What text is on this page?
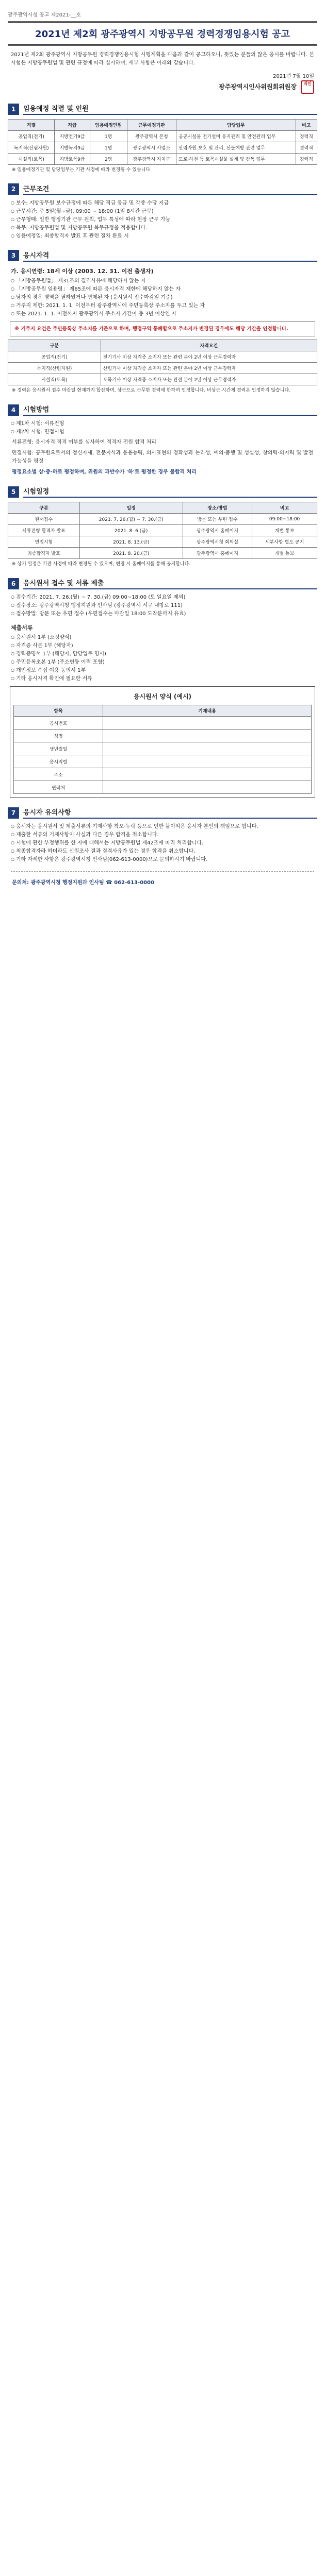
광주광역시청 공고 제2021-__호
2021년 제2회 광주광역시 지방공무원 경력경쟁임용시험 공고
2021년 제2회 광주광역시 지방공무원 경력경쟁임용시험 시행계획을 다음과 같이 공고하오니, 뜻있는 분들의 많은 응시를 바랍니다. 본 시험은 지방공무원법 및 관련 규정에 따라 실시하며, 세부 사항은 아래와 같습니다.
2021년 7월 10일
광주광역시인사위원회위원장 직인
1	임용예정 직렬 및 인원
직렬	직급	임용예정인원	근무예정기관	담당업무	비고
공업직(전기)	지방전기9급	1명	광주광역시 본청	공공시설물 전기설비 유지관리 및 안전관리 업무	경력직
녹지직(산림자원)	지방녹지9급	1명	광주광역시 사업소	산림자원 보호 및 관리, 산불예방 관련 업무	경력직
시설직(토목)	지방토목9급	2명	광주광역시 자치구	도로·하천 등 토목시설물 설계 및 감독 업무	경력직
※ 임용예정기관 및 담당업무는 기관 사정에 따라 변경될 수 있습니다.
2	근무조건
○ 보수: 지방공무원 보수규정에 따른 해당 직급 봉급 및 각종 수당 지급
○ 근무시간: 주 5일(월~금), 09:00 ~ 18:00 (1일 8시간 근무)
○ 근무형태: 일반 행정기관 근무 원칙, 업무 특성에 따라 현장 근무 가능
○ 복무: 지방공무원법 및 지방공무원 복무규정을 적용합니다.
○ 임용예정일: 최종합격자 발표 후 관련 절차 완료 시
3	응시자격
가. 응시연령: 18세 이상 (2003. 12. 31. 이전 출생자)
○ 「지방공무원법」 제31조의 결격사유에 해당하지 않는 자
○ 「지방공무원 임용령」 제65조에 따른 응시자격 제한에 해당하지 않는 자
○ 남자의 경우 병역을 필하였거나 면제된 자 (응시원서 접수마감일 기준)
○ 거주지 제한: 2021. 1. 1. 이전부터 광주광역시에 주민등록상 주소지를 두고 있는 자
○ 또는 2021. 1. 1. 이전까지 광주광역시 주소지 기간이 총 3년 이상인 자
※ 거주지 요건은 주민등록상 주소지를 기준으로 하며, 행정구역 통폐합으로 주소지가 변경된 경우에도 해당 기간을 인정합니다.
구분	자격요건
공업직(전기)	전기기사 이상 자격증 소지자 또는 관련 분야 2년 이상 근무경력자
녹지직(산림자원)	산림기사 이상 자격증 소지자 또는 관련 분야 2년 이상 근무경력자
시설직(토목)	토목기사 이상 자격증 소지자 또는 관련 분야 2년 이상 근무경력자
※ 경력은 응시원서 접수 마감일 현재까지 합산하며, 상근으로 근무한 경력에 한하여 인정합니다. 비상근·시간제 경력은 인정하지 않습니다.
4	시험방법
○ 제1차 시험: 서류전형
○ 제2차 시험: 면접시험
서류전형: 응시자격 적격 여부를 심사하여 적격자 전원 합격 처리
면접시험: 공무원으로서의 정신자세, 전문지식과 응용능력, 의사표현의 정확성과 논리성, 예의·품행 및 성실성, 창의력·의지력 및 발전가능성을 평정
평정요소별 상·중·하로 평정하며, 위원의 과반수가 '하'로 평정한 경우 불합격 처리
5	시험일정
구분	일정	장소/방법	비고
원서접수	2021. 7. 26.(월) ~ 7. 30.(금)	방문 또는 우편 접수	09:00~18:00
서류전형 합격자 발표	2021. 8. 6.(금)	광주광역시 홈페이지	개별 통보
면접시험	2021. 8. 13.(금)	광주광역시청 회의실	세부사항 별도 공지
최종합격자 발표	2021. 8. 20.(금)	광주광역시 홈페이지	개별 통보
※ 상기 일정은 기관 사정에 따라 변경될 수 있으며, 변경 시 홈페이지를 통해 공지합니다.
6	응시원서 접수 및 서류 제출
○ 접수기간: 2021. 7. 26.(월) ~ 7. 30.(금) 09:00~18:00 (토·일요일 제외)
○ 접수장소: 광주광역시청 행정지원과 인사팀 (광주광역시 서구 내방로 111)
○ 접수방법: 방문 또는 우편 접수 (우편접수는 마감일 18:00 도착분까지 유효)
제출서류
○ 응시원서 1부 (소정양식)
○ 자격증 사본 1부 (해당자)
○ 경력증명서 1부 (해당자, 담당업무 명시)
○ 주민등록초본 1부 (주소변동 이력 포함)
○ 개인정보 수집·이용 동의서 1부
○ 기타 응시자격 확인에 필요한 서류
응시원서 양식 (예시)
항목	기재내용
응시번호	
성명	
생년월일	
응시직렬	
주소	
연락처	
7	응시자 유의사항
○ 응시자는 응시원서 및 제출서류의 기재사항 착오·누락 등으로 인한 불이익은 응시자 본인의 책임으로 합니다.
○ 제출한 서류의 기재사항이 사실과 다른 경우 합격을 취소합니다.
○ 시험에 관한 부정행위를 한 자에 대해서는 지방공무원법 제42조에 따라 처리합니다.
○ 최종합격자라 하더라도 신원조사 결과 결격사유가 있는 경우 합격을 취소합니다.
○ 기타 자세한 사항은 광주광역시청 인사팀(062-613-0000)으로 문의하시기 바랍니다.
문의처: 광주광역시청 행정지원과 인사팀 ☎ 062-613-0000
